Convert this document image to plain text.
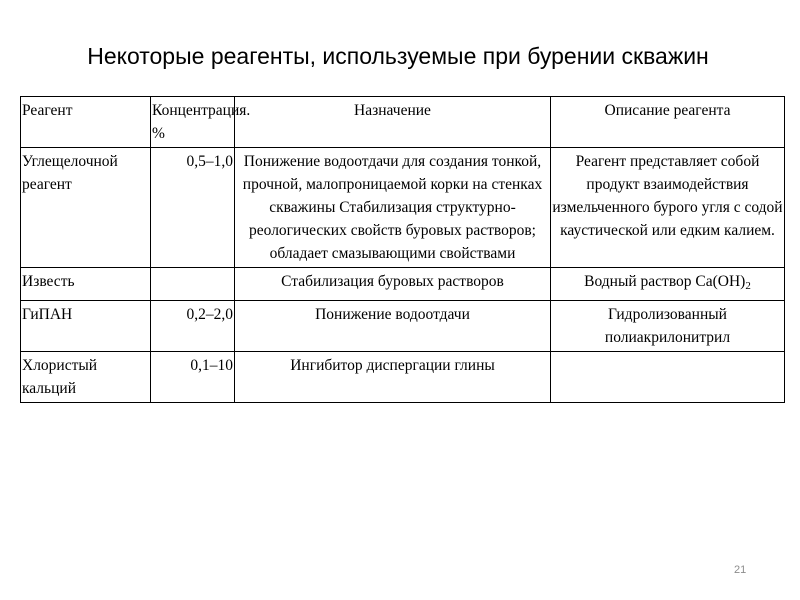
Некоторые реагенты, используемые при бурении скважин
Реагент	Концентрация. %	Назначение	Описание реагента
Углещелочной реагент	0,5–1,0	Понижение водоотдачи для создания тонкой, прочной, малопроницаемой корки на стенках скважины Стабилизация структурно-реологических свойств буровых растворов; обладает смазывающими свойствами	Реагент представляет собой продукт взаимодействия измельченного бурого угля с содой каустической или едким калием.
Известь		Стабилизация буровых растворов	Водный раствор $Ca(OH)_2$
ГиПАН	0,2–2,0	Понижение водоотдачи	Гидролизованный полиакрилонитрил
Хлористый кальций	0,1–10	Ингибитор диспергации глины	
21
